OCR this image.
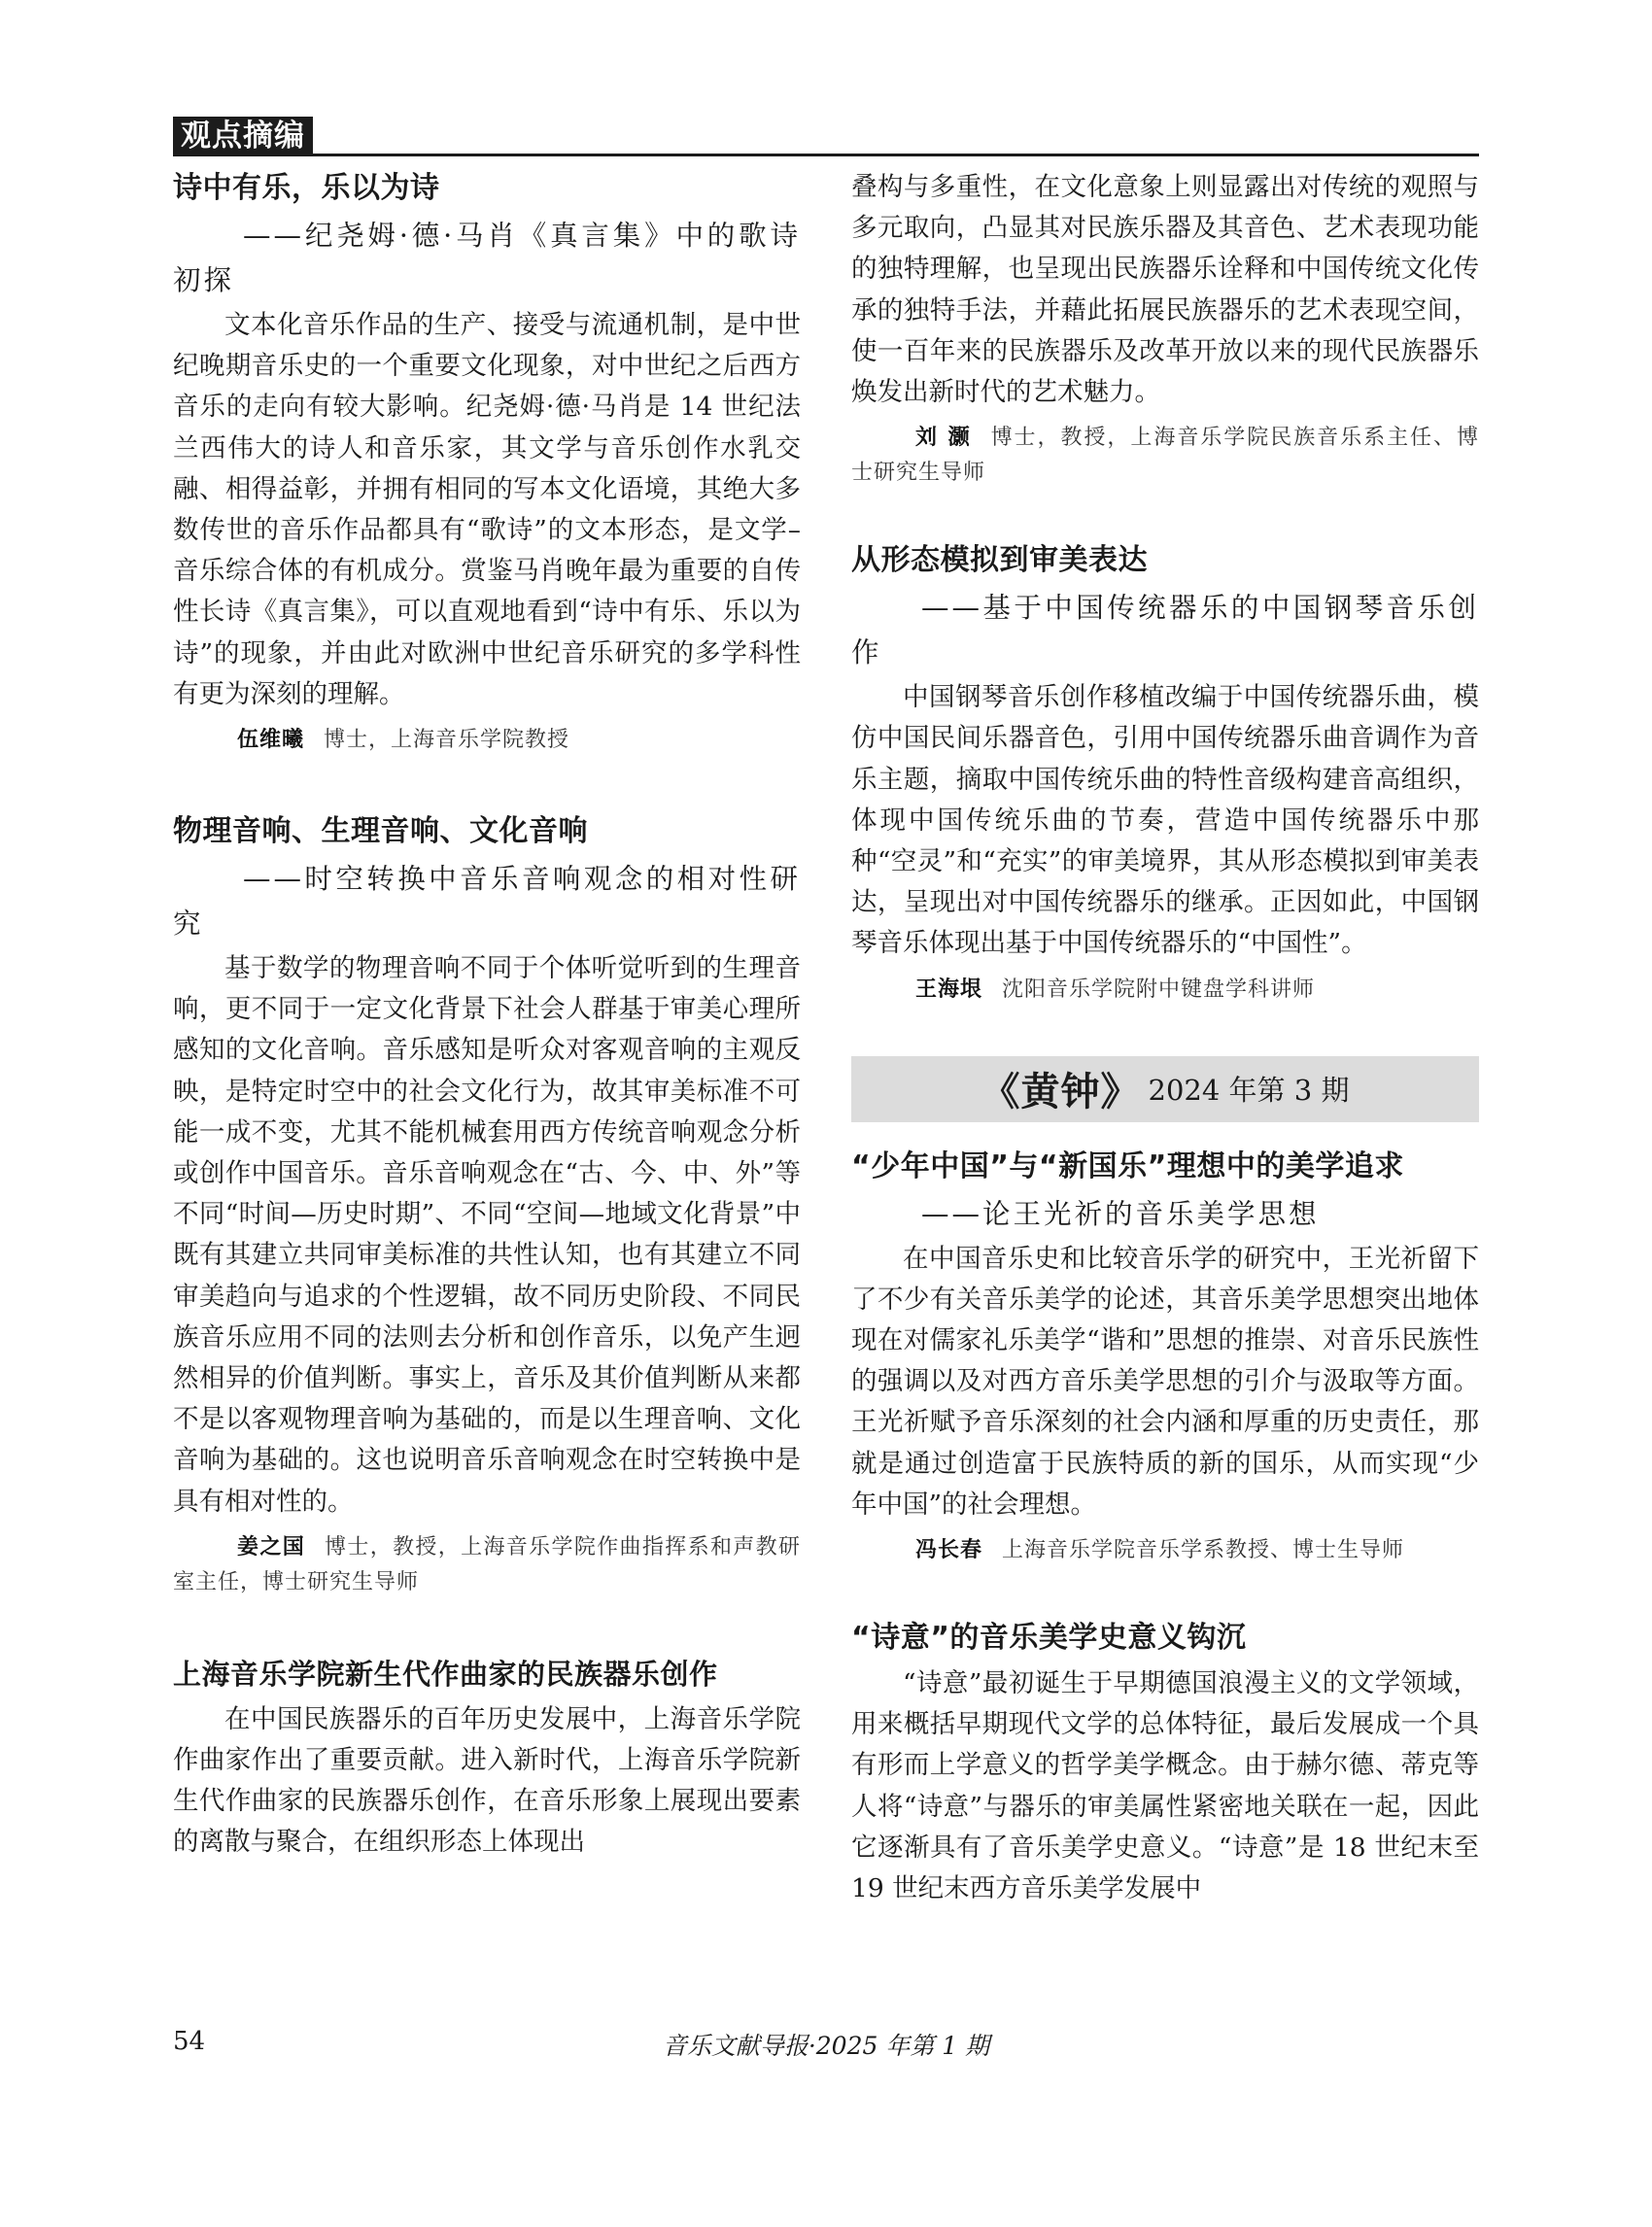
观点摘编
诗中有乐，乐以为诗

——纪尧姆·德·马肖《真言集》中的歌诗初探

文本化音乐作品的生产、接受与流通机制，是中世纪晚期音乐史的一个重要文化现象，对中世纪之后西方音乐的走向有较大影响。纪尧姆·德·马肖是 14 世纪法兰西伟大的诗人和音乐家，其文学与音乐创作水乳交融、相得益彰，并拥有相同的写本文化语境，其绝大多数传世的音乐作品都具有“歌诗”的文本形态，是文学–音乐综合体的有机成分。赏鉴马肖晚年最为重要的自传性长诗《真言集》，可以直观地看到“诗中有乐、乐以为诗”的现象，并由此对欧洲中世纪音乐研究的多学科性有更为深刻的理解。

伍维曦 博士，上海音乐学院教授

物理音响、生理音响、文化音响

——时空转换中音乐音响观念的相对性研究

基于数学的物理音响不同于个体听觉听到的生理音响，更不同于一定文化背景下社会人群基于审美心理所感知的文化音响。音乐感知是听众对客观音响的主观反映，是特定时空中的社会文化行为，故其审美标准不可能一成不变，尤其不能机械套用西方传统音响观念分析或创作中国音乐。音乐音响观念在“古、今、中、外”等不同“时间—历史时期”、不同“空间—地域文化背景”中既有其建立共同审美标准的共性认知，也有其建立不同审美趋向与追求的个性逻辑，故不同历史阶段、不同民族音乐应用不同的法则去分析和创作音乐，以免产生迥然相异的价值判断。事实上，音乐及其价值判断从来都不是以客观物理音响为基础的，而是以生理音响、文化音响为基础的。这也说明音乐音响观念在时空转换中是具有相对性的。

姜之国 博士，教授，上海音乐学院作曲指挥系和声教研室主任，博士研究生导师

上海音乐学院新生代作曲家的民族器乐创作

在中国民族器乐的百年历史发展中，上海音乐学院作曲家作出了重要贡献。进入新时代，上海音乐学院新生代作曲家的民族器乐创作，在音乐形象上展现出要素的离散与聚合，在组织形态上体现出

叠构与多重性，在文化意象上则显露出对传统的观照与多元取向，凸显其对民族乐器及其音色、艺术表现功能的独特理解，也呈现出民族器乐诠释和中国传统文化传承的独特手法，并藉此拓展民族器乐的艺术表现空间，使一百年来的民族器乐及改革开放以来的现代民族器乐焕发出新时代的艺术魅力。

刘 灏 博士，教授，上海音乐学院民族音乐系主任、博士研究生导师

从形态模拟到审美表达

——基于中国传统器乐的中国钢琴音乐创作

中国钢琴音乐创作移植改编于中国传统器乐曲，模仿中国民间乐器音色，引用中国传统器乐曲音调作为音乐主题，摘取中国传统乐曲的特性音级构建音高组织，体现中国传统乐曲的节奏，营造中国传统器乐中那种“空灵”和“充实”的审美境界，其从形态模拟到审美表达，呈现出对中国传统器乐的继承。正因如此，中国钢琴音乐体现出基于中国传统器乐的“中国性”。

王海垠 沈阳音乐学院附中键盘学科讲师

《黄钟》 2024 年第 3 期
“少年中国”与“新国乐”理想中的美学追求

——论王光祈的音乐美学思想

在中国音乐史和比较音乐学的研究中，王光祈留下了不少有关音乐美学的论述，其音乐美学思想突出地体现在对儒家礼乐美学“谐和”思想的推崇、对音乐民族性的强调以及对西方音乐美学思想的引介与汲取等方面。王光祈赋予音乐深刻的社会内涵和厚重的历史责任，那就是通过创造富于民族特质的新的国乐，从而实现“少年中国”的社会理想。

冯长春 上海音乐学院音乐学系教授、博士生导师

“诗意”的音乐美学史意义钩沉

“诗意”最初诞生于早期德国浪漫主义的文学领域，用来概括早期现代文学的总体特征，最后发展成一个具有形而上学意义的哲学美学概念。由于赫尔德、蒂克等人将“诗意”与器乐的审美属性紧密地关联在一起，因此它逐渐具有了音乐美学史意义。“诗意”是 18 世纪末至 19 世纪末西方音乐美学发展中

54	音乐文献导报·2025 年第 1 期
